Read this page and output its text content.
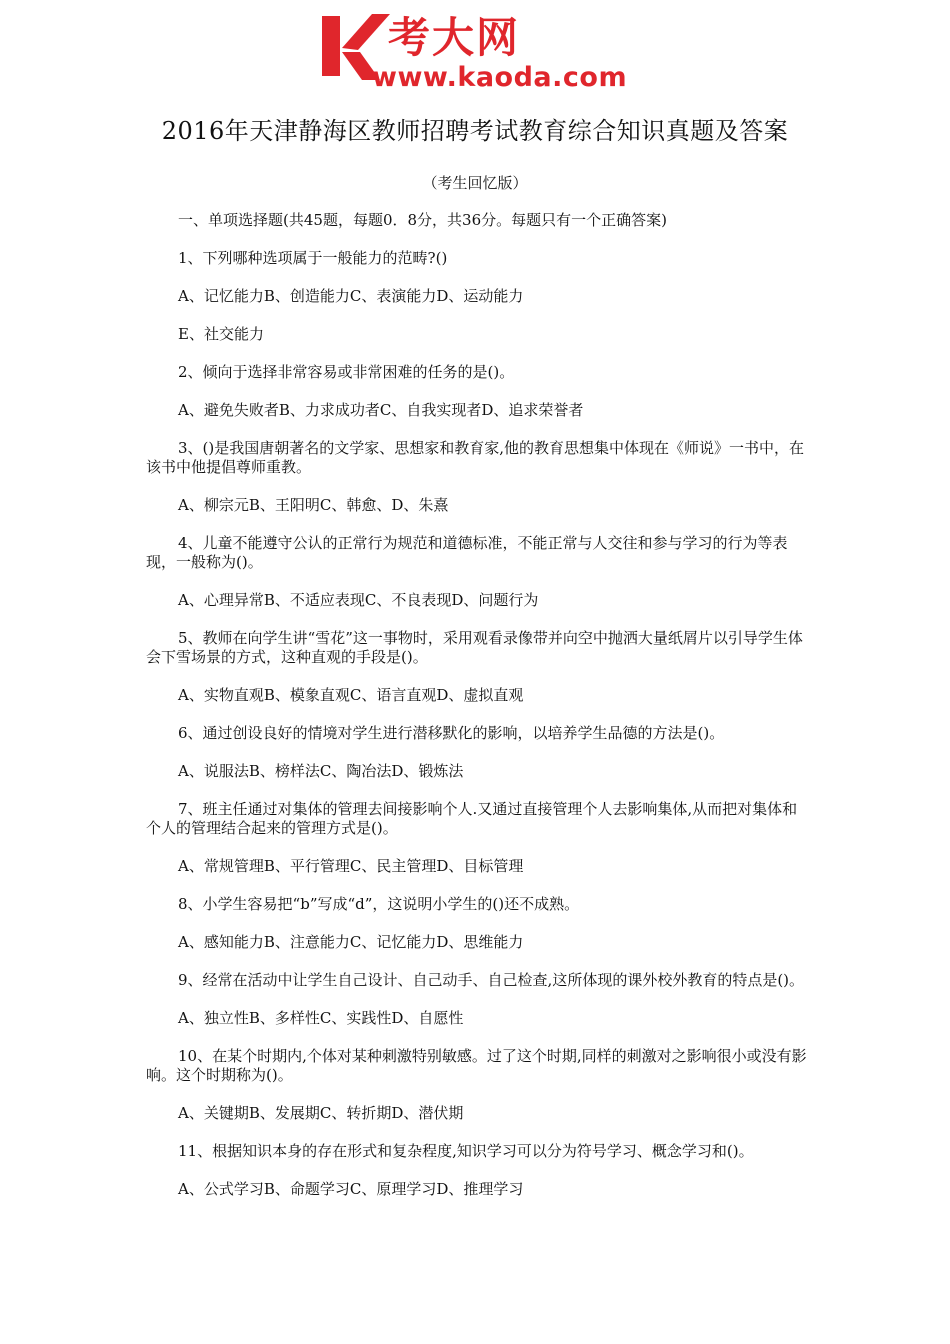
考大网
www.kaoda.com
2016年天津静海区教师招聘考试教育综合知识真题及答案
（考生回忆版）

一、单项选择题(共45题，每题0．8分，共36分。每题只有一个正确答案)

1、下列哪种选项属于一般能力的范畴?()

A、记忆能力B、创造能力C、表演能力D、运动能力

E、社交能力

2、倾向于选择非常容易或非常困难的任务的是()。

A、避免失败者B、力求成功者C、自我实现者D、追求荣誉者

3、()是我国唐朝著名的文学家、思想家和教育家,他的教育思想集中体现在《师说》一书中，在该书中他提倡尊师重教。

A、柳宗元B、王阳明C、韩愈、D、朱熹

4、儿童不能遵守公认的正常行为规范和道德标准，不能正常与人交往和参与学习的行为等表现，一般称为()。

A、心理异常B、不适应表现C、不良表现D、问题行为

5、教师在向学生讲“雪花”这一事物时，采用观看录像带并向空中抛洒大量纸屑片以引导学生体会下雪场景的方式，这种直观的手段是()。

A、实物直观B、模象直观C、语言直观D、虚拟直观

6、通过创设良好的情境对学生进行潜移默化的影响，以培养学生品德的方法是()。

A、说服法B、榜样法C、陶冶法D、锻炼法

7、班主任通过对集体的管理去间接影响个人.又通过直接管理个人去影响集体,从而把对集体和个人的管理结合起来的管理方式是()。

A、常规管理B、平行管理C、民主管理D、目标管理

8、小学生容易把“b”写成“d”，这说明小学生的()还不成熟。

A、感知能力B、注意能力C、记忆能力D、思维能力

9、经常在活动中让学生自己设计、自己动手、自己检查,这所体现的课外校外教育的特点是()。

A、独立性B、多样性C、实践性D、自愿性

10、在某个时期内,个体对某种刺激特别敏感。过了这个时期,同样的刺激对之影响很小或没有影响。这个时期称为()。

A、关键期B、发展期C、转折期D、潜伏期

11、根据知识本身的存在形式和复杂程度,知识学习可以分为符号学习、概念学习和()。

A、公式学习B、命题学习C、原理学习D、推理学习
